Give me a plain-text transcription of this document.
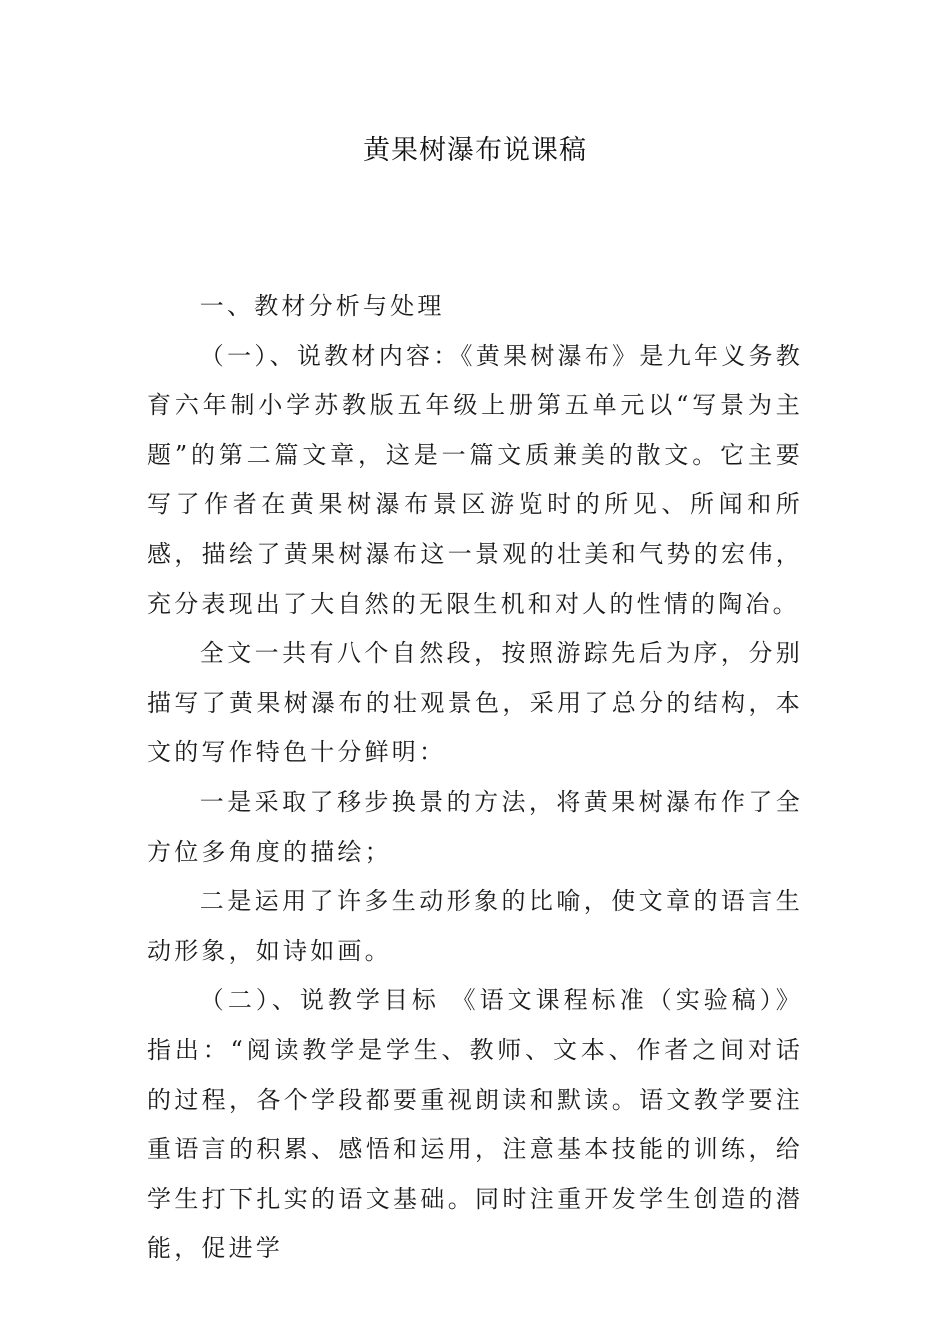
黄果树瀑布说课稿

一、教材分析与处理

（一）、说教材内容：《黄果树瀑布》是九年义务教育六年制小学苏教版五年级上册第五单元以“写景为主题”的第二篇文章，这是一篇文质兼美的散文。它主要写了作者在黄果树瀑布景区游览时的所见、所闻和所感，描绘了黄果树瀑布这一景观的壮美和气势的宏伟，充分表现出了大自然的无限生机和对人的性情的陶冶。

全文一共有八个自然段，按照游踪先后为序，分别描写了黄果树瀑布的壮观景色，采用了总分的结构，本文的写作特色十分鲜明：

一是采取了移步换景的方法，将黄果树瀑布作了全方位多角度的描绘；

二是运用了许多生动形象的比喻，使文章的语言生动形象，如诗如画。

（二）、说教学目标 《语文课程标准（实验稿）》指出：“阅读教学是学生、教师、文本、作者之间对话的过程，各个学段都要重视朗读和默读。语文教学要注重语言的积累、感悟和运用，注意基本技能的训练，给学生打下扎实的语文基础。同时注重开发学生创造的潜能，促进学
